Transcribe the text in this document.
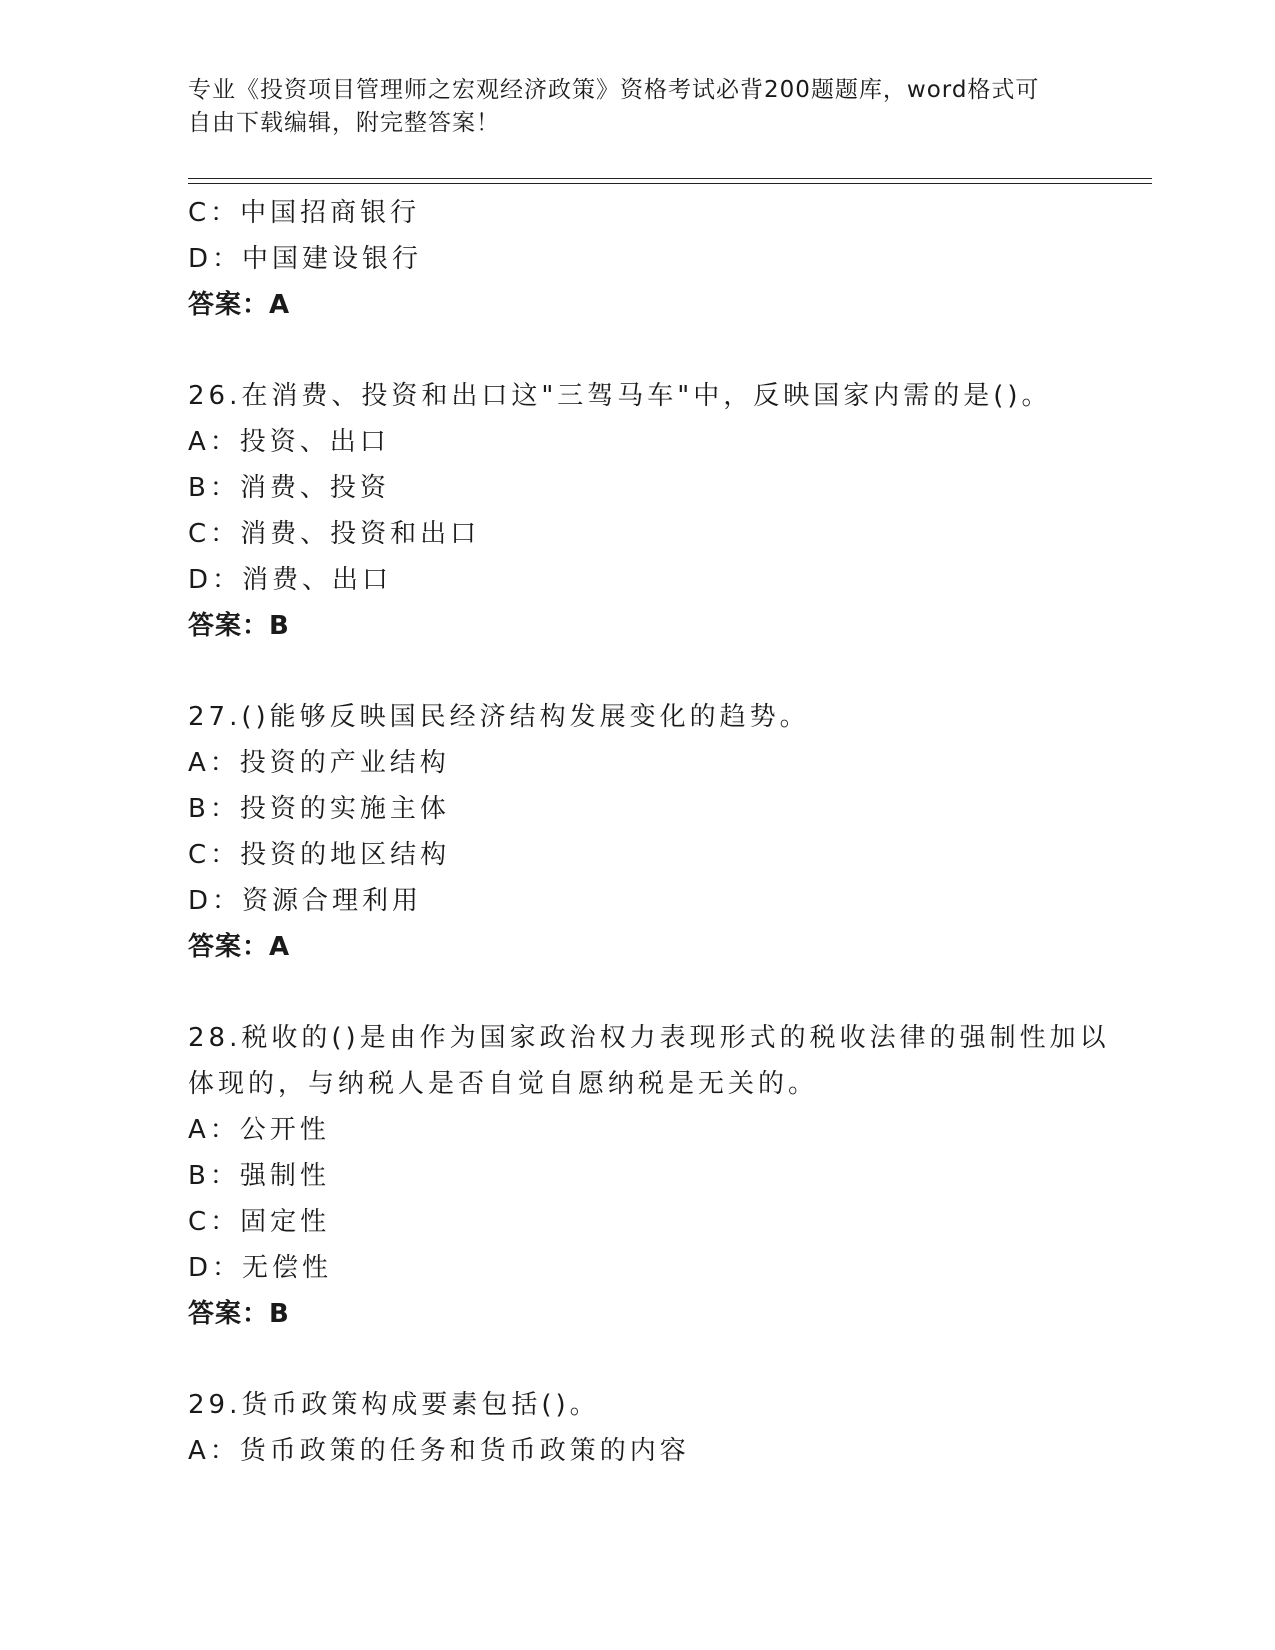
专业《投资项目管理师之宏观经济政策》资格考试必背200题题库，word格式可
自由下载编辑，附完整答案！
C：中国招商银行
D：中国建设银行
答案：A
26.在消费、投资和出口这"三驾马车"中，反映国家内需的是()。
A：投资、出口
B：消费、投资
C：消费、投资和出口
D：消费、出口
答案：B
27.()能够反映国民经济结构发展变化的趋势。
A：投资的产业结构
B：投资的实施主体
C：投资的地区结构
D：资源合理利用
答案：A
28.税收的()是由作为国家政治权力表现形式的税收法律的强制性加以
体现的，与纳税人是否自觉自愿纳税是无关的。
A：公开性
B：强制性
C：固定性
D：无偿性
答案：B
29.货币政策构成要素包括()。
A：货币政策的任务和货币政策的内容
